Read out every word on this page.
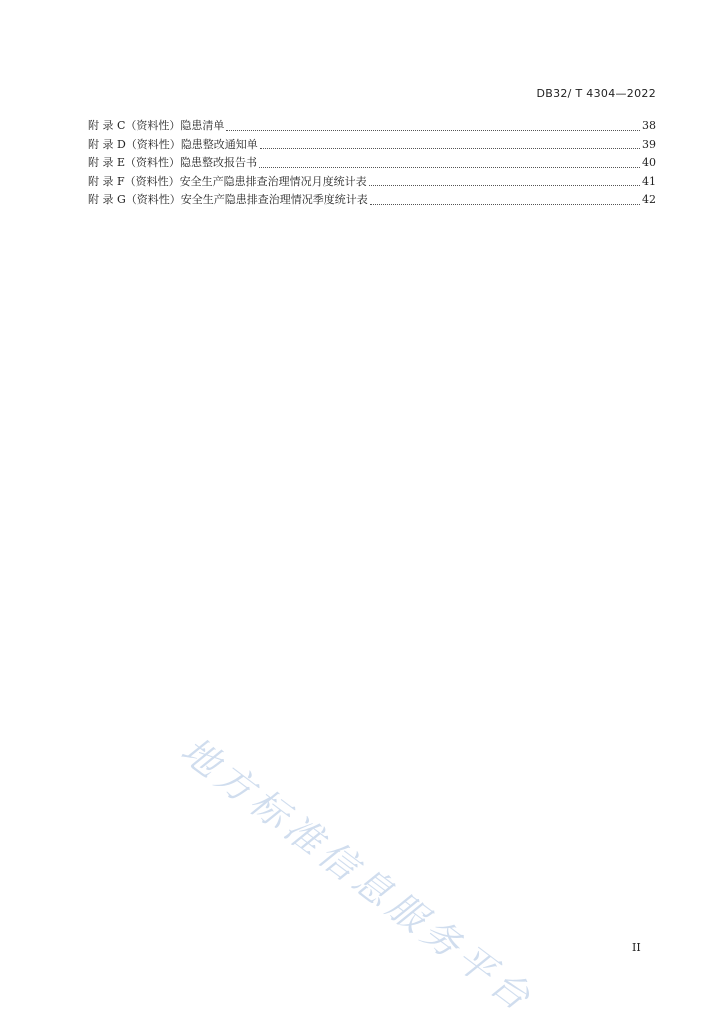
DB32/ T 4304—2022
附 录 C（资料性） 隐患清单	38
附 录 D（资料性） 隐患整改通知单	39
附 录 E（资料性） 隐患整改报告书	40
附 录 F（资料性） 安全生产隐患排查治理情况月度统计表	41
附 录 G（资料性） 安全生产隐患排查治理情况季度统计表	42
地方标准信息服务平台	II
